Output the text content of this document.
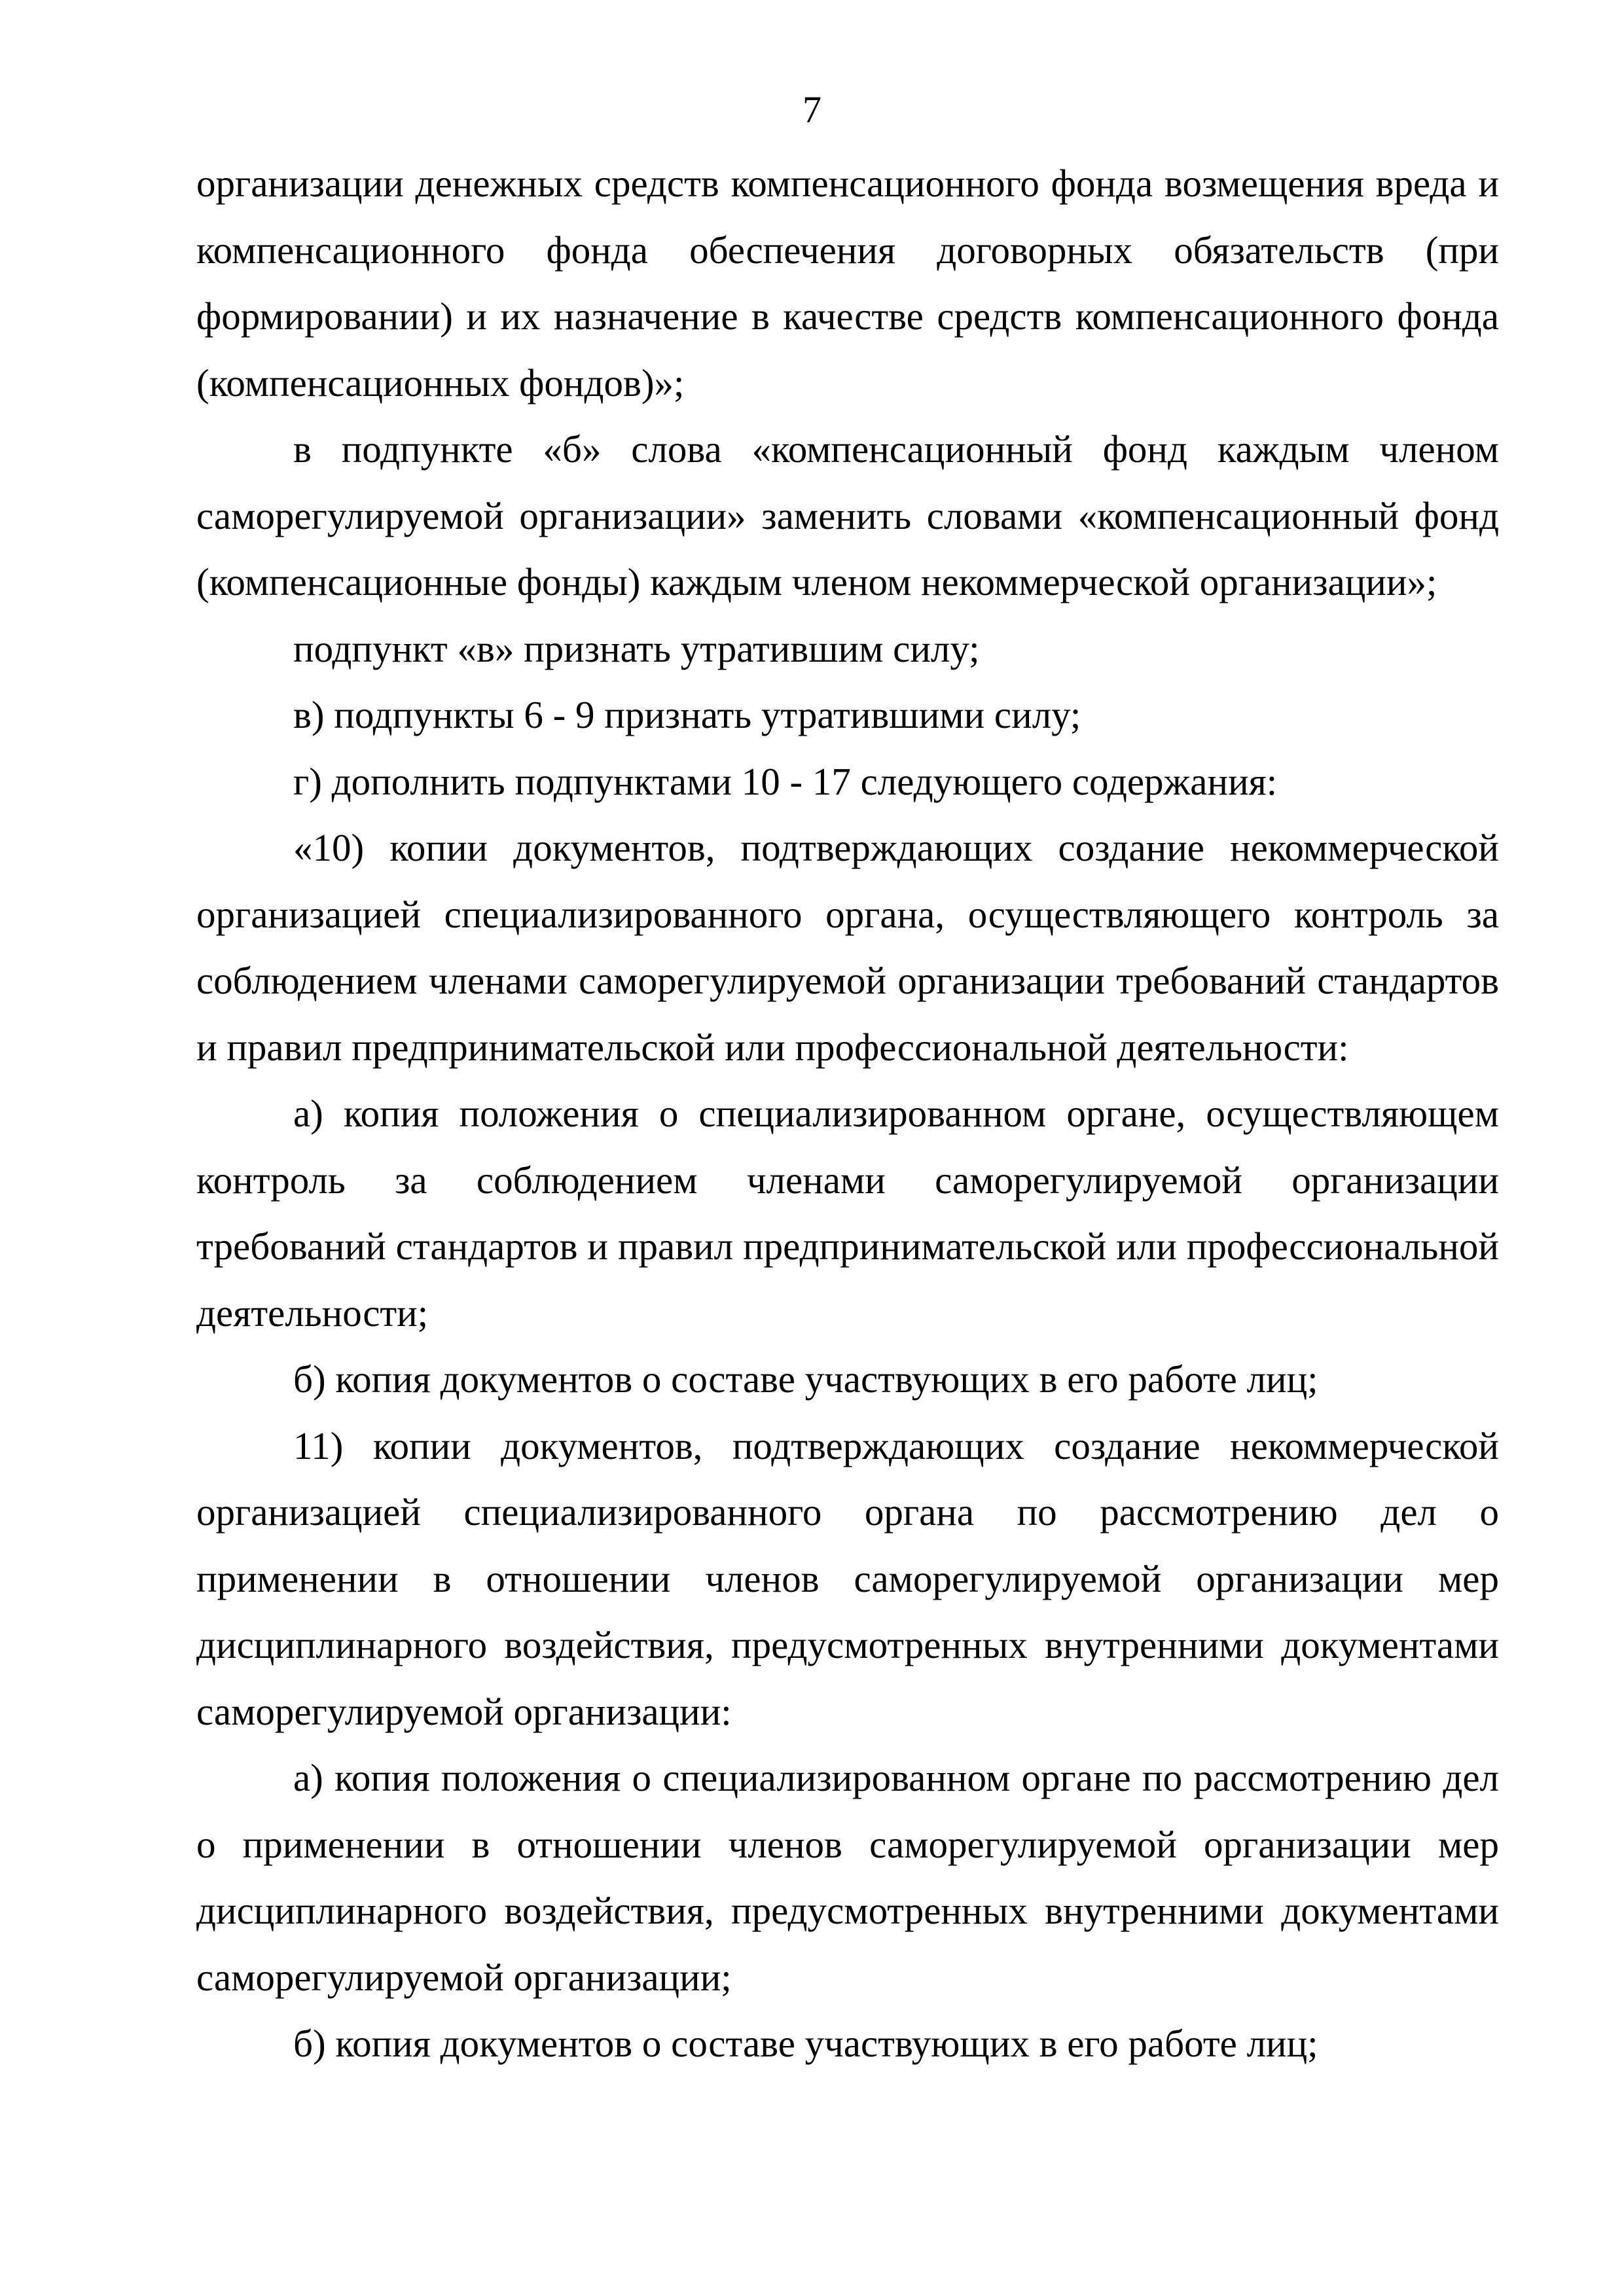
7

организации денежных средств компенсационного фонда возмещения вреда и компенсационного фонда обеспечения договорных обязательств (при формировании) и их назначение в качестве средств компенсационного фонда (компенсационных фондов)»;

в подпункте «б» слова «компенсационный фонд каждым членом саморегулируемой организации» заменить словами «компенсационный фонд (компенсационные фонды) каждым членом некоммерческой организации»;

подпункт «в» признать утратившим силу;

в) подпункты 6 - 9 признать утратившими силу;

г) дополнить подпунктами 10 - 17 следующего содержания:

«10) копии документов, подтверждающих создание некоммерческой организацией специализированного органа, осуществляющего контроль за соблюдением членами саморегулируемой организации требований стандартов и правил предпринимательской или профессиональной деятельности:

а) копия положения о специализированном органе, осуществляющем контроль за соблюдением членами саморегулируемой организации требований стандартов и правил предпринимательской или профессиональной деятельности;

б) копия документов о составе участвующих в его работе лиц;

11) копии документов, подтверждающих создание некоммерческой организацией специализированного органа по рассмотрению дел о применении в отношении членов саморегулируемой организации мер дисциплинарного воздействия, предусмотренных внутренними документами саморегулируемой организации:

а) копия положения о специализированном органе по рассмотрению дел о применении в отношении членов саморегулируемой организации мер дисциплинарного воздействия, предусмотренных внутренними документами саморегулируемой организации;

б) копия документов о составе участвующих в его работе лиц;
